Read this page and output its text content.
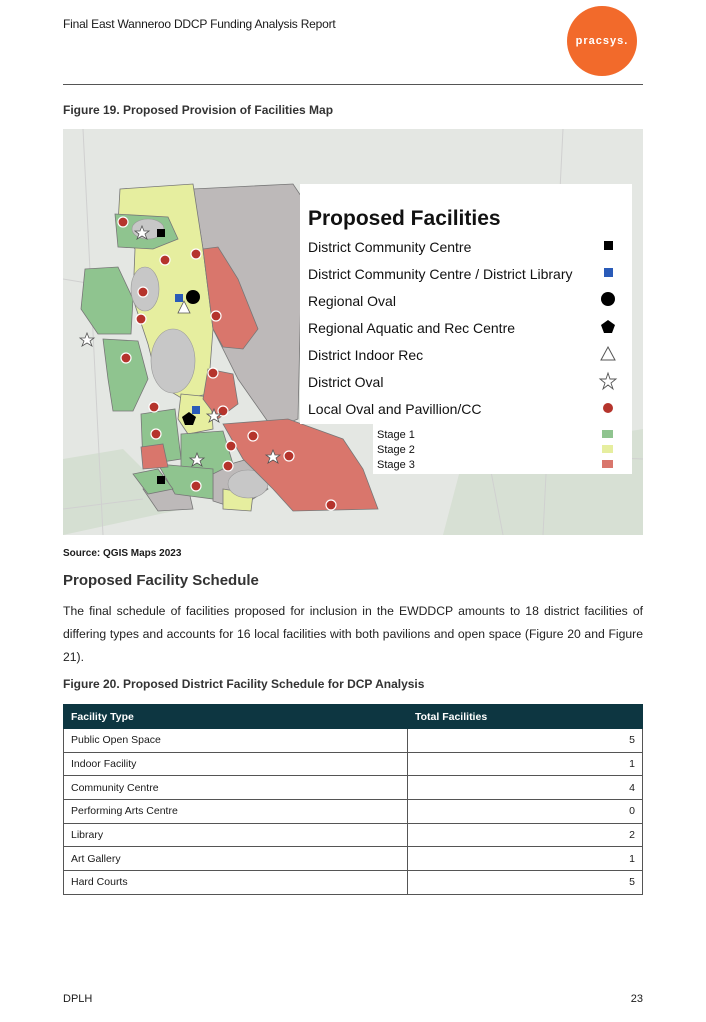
Final East Wanneroo DDCP Funding Analysis Report
pracsys.
Figure 19. Proposed Provision of Facilities Map
Proposed Facilities
District Community Centre
District Community Centre / District Library
Regional Oval
Regional Aquatic and Rec Centre
District Indoor Rec
District Oval
Local Oval and Pavillion/CC
Stage 1
Stage 2
Stage 3
Source: QGIS Maps 2023
Proposed Facility Schedule
The final schedule of facilities proposed for inclusion in the EWDDCP amounts to 18 district facilities of differing types and accounts for 16 local facilities with both pavilions and open space (Figure 20 and Figure 21).
Figure 20. Proposed District Facility Schedule for DCP Analysis
Facility Type	Total Facilities
Public Open Space	5
Indoor Facility	1
Community Centre	4
Performing Arts Centre	0
Library	2
Art Gallery	1
Hard Courts	5
DPLH	23
